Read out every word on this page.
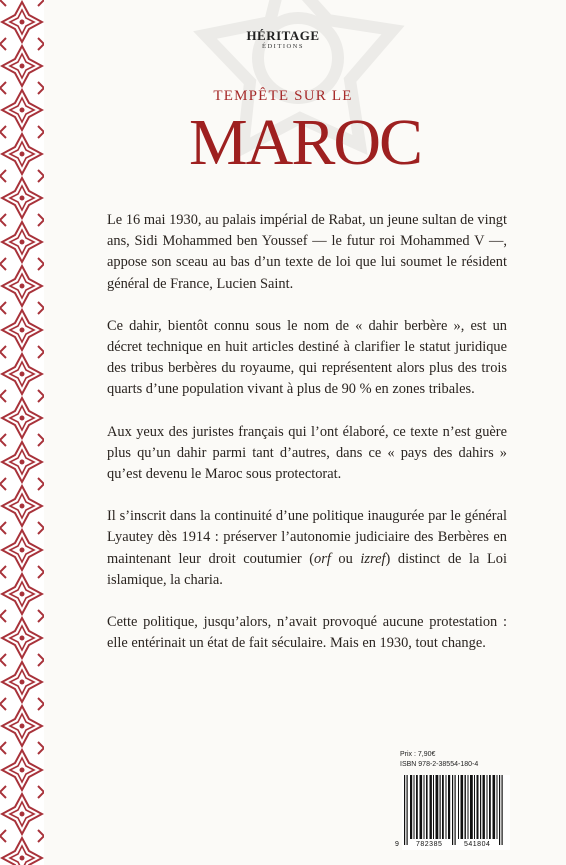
HÉRITAGE
ÉDITIONS
TEMPÊTE SUR LE
MAROC

Le 16 mai 1930, au palais impérial de Rabat, un jeune sultan de vingt ans, Sidi Mohammed ben Youssef — le futur roi Mohammed V —, appose son sceau au bas d’un texte de loi que lui soumet le résident général de France, Lucien Saint.

Ce dahir, bientôt connu sous le nom de « dahir berbère », est un décret technique en huit articles destiné à clarifier le statut juridique des tribus berbères du royaume, qui représentent alors plus des trois quarts d’une population vivant à plus de 90 % en zones tribales.

Aux yeux des juristes français qui l’ont élaboré, ce texte n’est guère plus qu’un dahir parmi tant d’autres, dans ce « pays des dahirs » qu’est devenu le Maroc sous protectorat.

Il s’inscrit dans la continuité d’une politique inaugurée par le général Lyautey dès 1914 : préserver l’autonomie judiciaire des Berbères en maintenant leur droit coutumier (orf ou izref) distinct de la Loi islamique, la charia.

Cette politique, jusqu’alors, n’avait provoqué aucune protestation : elle entérinait un état de fait séculaire. Mais en 1930, tout change.

Prix : 7,90€
ISBN 978-2-38554-180-4
9 782385	541804
